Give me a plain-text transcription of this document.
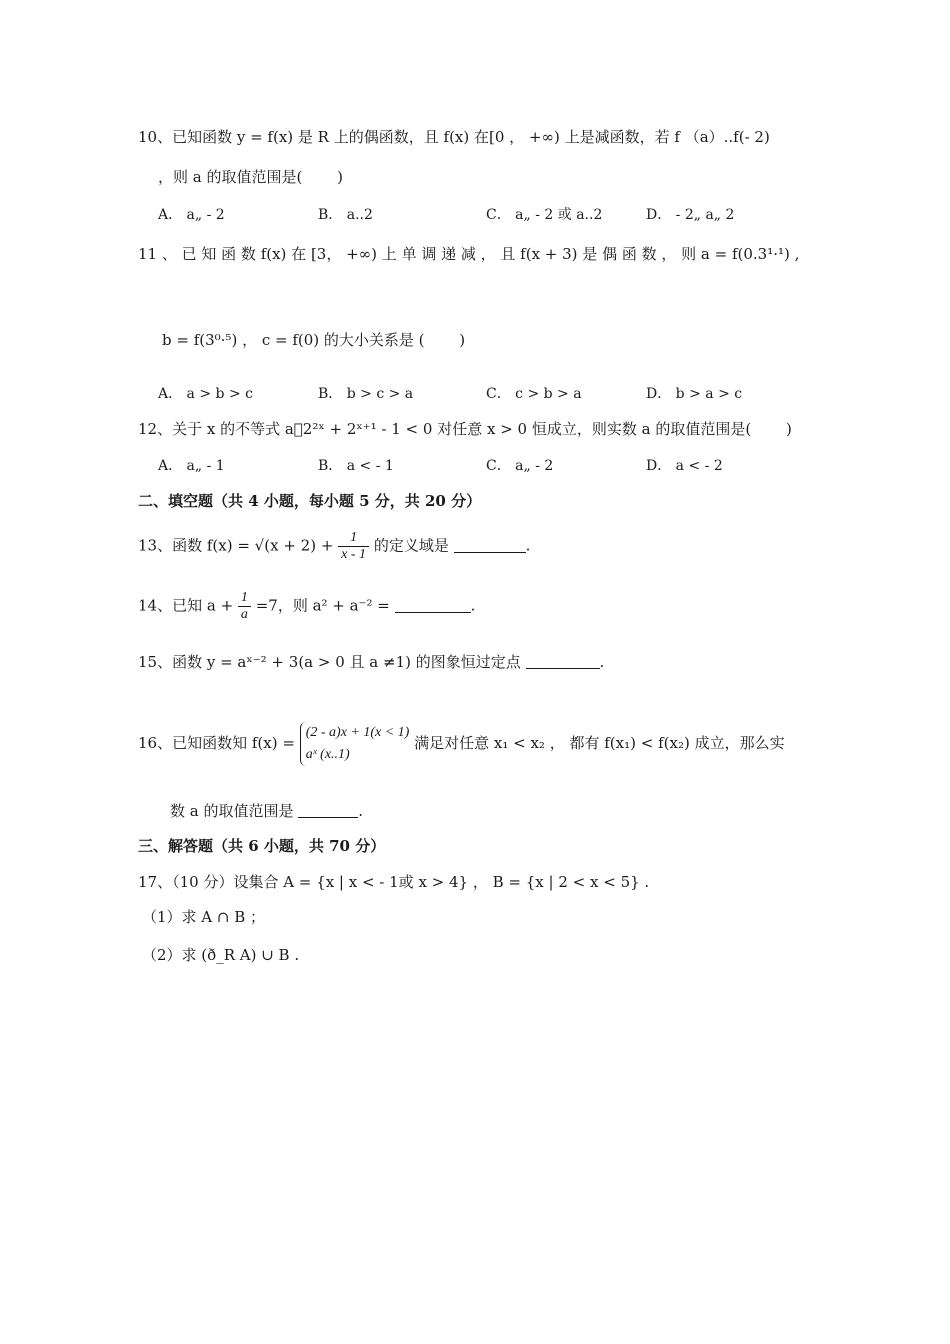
10、已知函数 y = f(x) 是 R 上的偶函数，且 f(x) 在[0 ， +∞) 上是减函数，若 f （a）..f(- 2)
，则 a 的取值范围是(　　 )
A． a„ - 2	B． a..2	C． a„ - 2 或 a..2	D． - 2„ a„ 2
11 、 已 知 函 数 f(x) 在 [3， +∞) 上 单 调 递 减 ， 且 f(x + 3) 是 偶 函 数 ， 则 a = f(0.3¹·¹) ,
b = f(3⁰·⁵) ， c = f(0) 的大小关系是 (　　 )
A． a > b > c	B． b > c > a	C． c > b > a	D． b > a > c
12、关于 x 的不等式 a􀁺2²ˣ + 2ˣ⁺¹ - 1 < 0 对任意 x > 0 恒成立，则实数 a 的取值范围是(　　 )
A． a„ - 1	B． a < - 1	C． a„ - 2	D． a < - 2
二、填空题（共 4 小题，每小题 5 分，共 20 分）
13、函数 $f(x) = √(x + 2) + \frac{1}{x - 1}$ 的定义域是	.
14、已知 $a + \frac{1}{a} =7$，则 a² + a⁻² =	.
15、函数 y = aˣ⁻² + 3(a > 0 且 a ≠1) 的图象恒过定点	.
16、已知函数知 f(x) =
(2 - a)x + 1(x < 1)
aˣ (x..1)
满足对任意 x₁ < x₂ ， 都有 f(x₁) < f(x₂) 成立，那么实
数 a 的取值范围是	.
三、解答题（共 6 小题，共 70 分）
17、（10 分）设集合 A = {x | x < - 1或 x > 4} ， B = {x | 2 < x < 5} .
（1）求 A ∩ B ；
（2）求 (ð_R A) ∪ B .
